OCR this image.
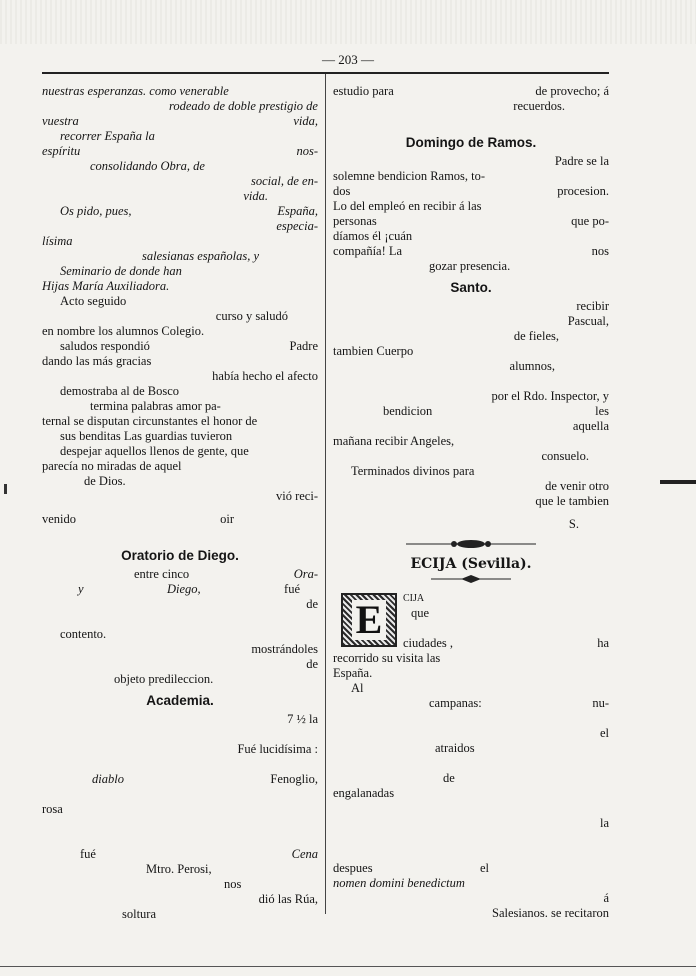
— 203 —

nuestras esperanzas. como venerable

rodeado de doble prestigio de

vuestra	vida,

recorrer España la

espíritu	nos-

consolidando Obra, de

social, de en-

vida.

Os pido, pues,	España,

especia-

lísima

salesianas españolas, y

Seminario de donde han

Hijas María Auxiliadora.

Acto seguido

curso y saludó

en nombre los alumnos Colegio.

saludos respondió	Padre

dando las más gracias

había hecho el afecto

demostraba al de Bosco

termina palabras amor pa-

ternal se disputan circunstantes el honor de

sus benditas Las guardias tuvieron

despejar aquellos llenos de gente, que

parecía no miradas de aquel

de Dios.

vió reci-

venido	oir

Oratorio de Diego.

entre cinco	Ora-

y	Diego,	fué

de

contento.

mostrándoles

de

objeto predileccion.

Academia.

7 ½ la

Fué lucidísima :

diablo	Fenoglio,

rosa

fué	Cena

Mtro. Perosi,

nos

dió las Rúa,

soltura

estudio para	de provecho; á

recuerdos.

Domingo de Ramos.

Padre se la

solemne bendicion Ramos, to-

dos	procesion.

Lo del empleó en recibir á las

personas	que po-

díamos él ¡cuán

compañía! La	nos

gozar presencia.

Santo.

recibir

Pascual,

de fieles,

tambien Cuerpo

alumnos,

por el Rdo. Inspector, y

bendicion	les

aquella

mañana recibir Angeles,

consuelo.

Terminados divinos para

de venir otro

que le tambien

S.

ECIJA (Sevilla).

E	CIJA

que

ciudades ,	ha

recorrido su visita las

España.

Al

campanas:	nu-

el

atraidos

de

engalanadas

la

despues	el

nomen domini benedictum

á

Salesianos. se recitaron
